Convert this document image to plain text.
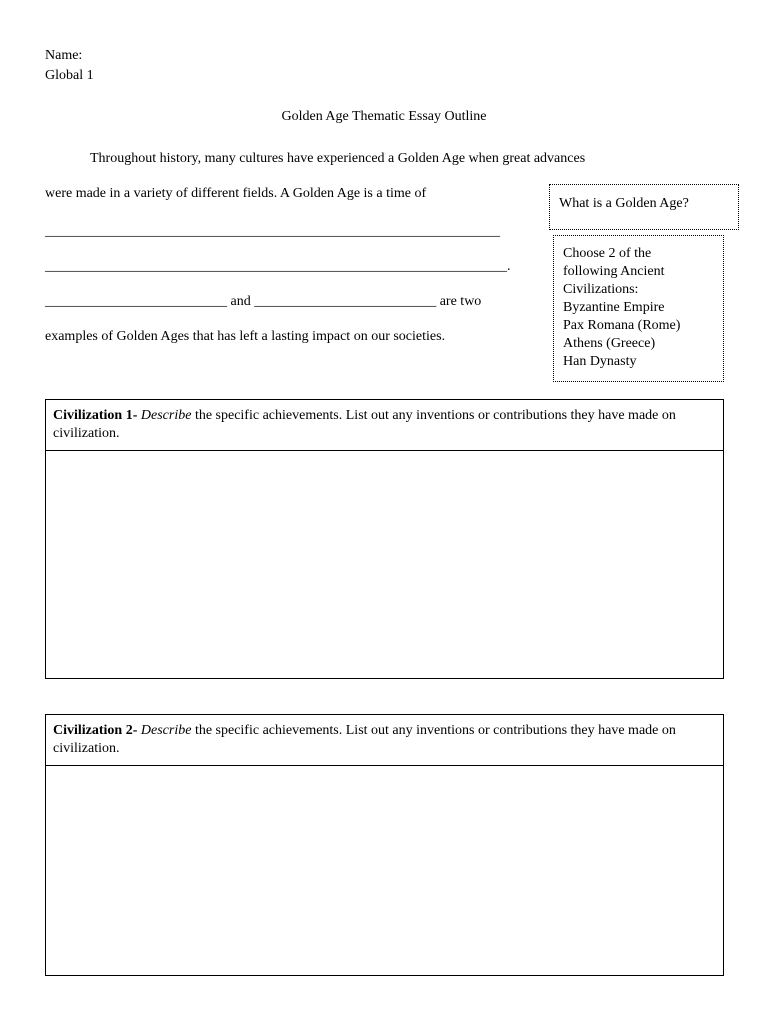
Name:
Global 1
Golden Age Thematic Essay Outline
Throughout history, many cultures have experienced a Golden Age when great advances
were made in a variety of different fields. A Golden Age is a time of
_________________________________________________________________
__________________________________________________________________.
__________________________ and __________________________ are two
examples of Golden Ages that has left a lasting impact on our societies.
What is a Golden Age?
Choose 2 of the
following Ancient
Civilizations:
Byzantine Empire
Pax Romana (Rome)
Athens (Greece)
Han Dynasty
Civilization 1- Describe the specific achievements. List out any inventions or contributions they have made on civilization.
Civilization 2- Describe the specific achievements. List out any inventions or contributions they have made on civilization.
